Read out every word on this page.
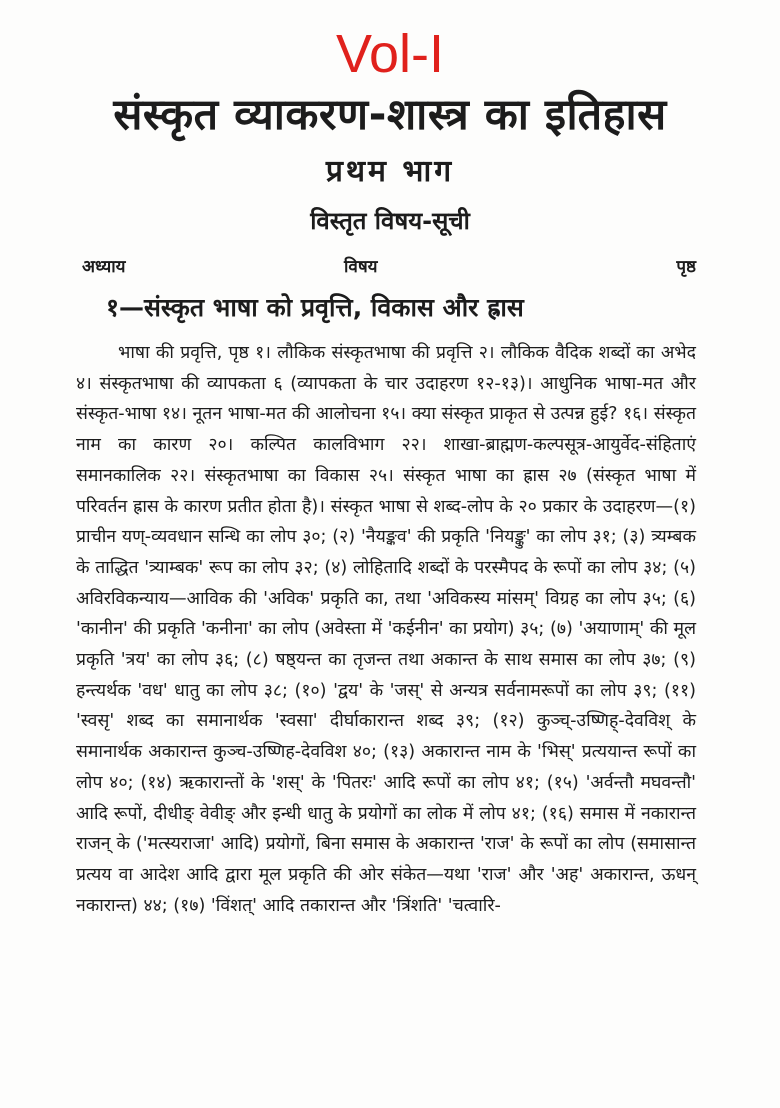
Vol-I
संस्कृत व्याकरण-शास्त्र का इतिहास
प्रथम भाग
विस्तृत विषय-सूची
अध्याय	विषय	पृष्ठ
१—संस्कृत भाषा को प्रवृत्ति, विकास और ह्रास

भाषा की प्रवृत्ति, पृष्ठ १। लौकिक संस्कृतभाषा की प्रवृत्ति २। लौकिक वैदिक शब्दों का अभेद ४। संस्कृतभाषा की व्यापकता ६ (व्यापकता के चार उदाहरण १२-१३)। आधुनिक भाषा-मत और संस्कृत-भाषा १४। नूतन भाषा-मत की आलोचना १५। क्या संस्कृत प्राकृत से उत्पन्न हुई? १६। संस्कृत नाम का कारण २०। कल्पित कालविभाग २२। शाखा-ब्राह्मण-कल्पसूत्र-आयुर्वेद-संहिताएं समानकालिक २२। संस्कृतभाषा का विकास २५। संस्कृत भाषा का ह्रास २७ (संस्कृत भाषा में परिवर्तन ह्रास के कारण प्रतीत होता है)। संस्कृत भाषा से शब्द-लोप के २० प्रकार के उदाहरण—(१) प्राचीन यण्-व्यवधान सन्धि का लोप ३०; (२) 'नैयङ्कव' की प्रकृति 'नियङ्कु' का लोप ३१; (३) त्र्यम्बक के ताद्धित 'त्र्याम्बक' रूप का लोप ३२; (४) लोहितादि शब्दों के परस्मैपद के रूपों का लोप ३४; (५) अविरविकन्याय—आविक की 'अविक' प्रकृति का, तथा 'अविकस्य मांसम्' विग्रह का लोप ३५; (६) 'कानीन' की प्रकृति 'कनीना' का लोप (अवेस्ता में 'कईनीन' का प्रयोग) ३५; (७) 'अयाणाम्' की मूल प्रकृति 'त्रय' का लोप ३६; (८) षष्ठ्यन्त का तृजन्त तथा अकान्त के साथ समास का लोप ३७; (९) हन्त्यर्थक 'वध' धातु का लोप ३८; (१०) 'द्वय' के 'जस्' से अन्यत्र सर्वनामरूपों का लोप ३९; (११) 'स्वसृ' शब्द का समानार्थक 'स्वसा' दीर्घाकारान्त शब्द ३९; (१२) कुञ्च्-उष्णिह्-देवविश् के समानार्थक अकारान्त कुञ्च-उष्णिह-देवविश ४०; (१३) अकारान्त नाम के 'भिस्' प्रत्ययान्त रूपों का लोप ४०; (१४) ऋकारान्तों के 'शस्' के 'पितरः' आदि रूपों का लोप ४१; (१५) 'अर्वन्तौ मघवन्तौ' आदि रूपों, दीधीङ् वेवीङ् और इन्धी धातु के प्रयोगों का लोक में लोप ४१; (१६) समास में नकारान्त राजन् के ('मत्स्यराजा' आदि) प्रयोगों, बिना समास के अकारान्त 'राज' के रूपों का लोप (समासान्त प्रत्यय वा आदेश आदि द्वारा मूल प्रकृति की ओर संकेत—यथा 'राज' और 'अह' अकारान्त, ऊधन् नकारान्त) ४४; (१७) 'विंशत्' आदि तकारान्त और 'त्रिंशति' 'चत्वारि-
